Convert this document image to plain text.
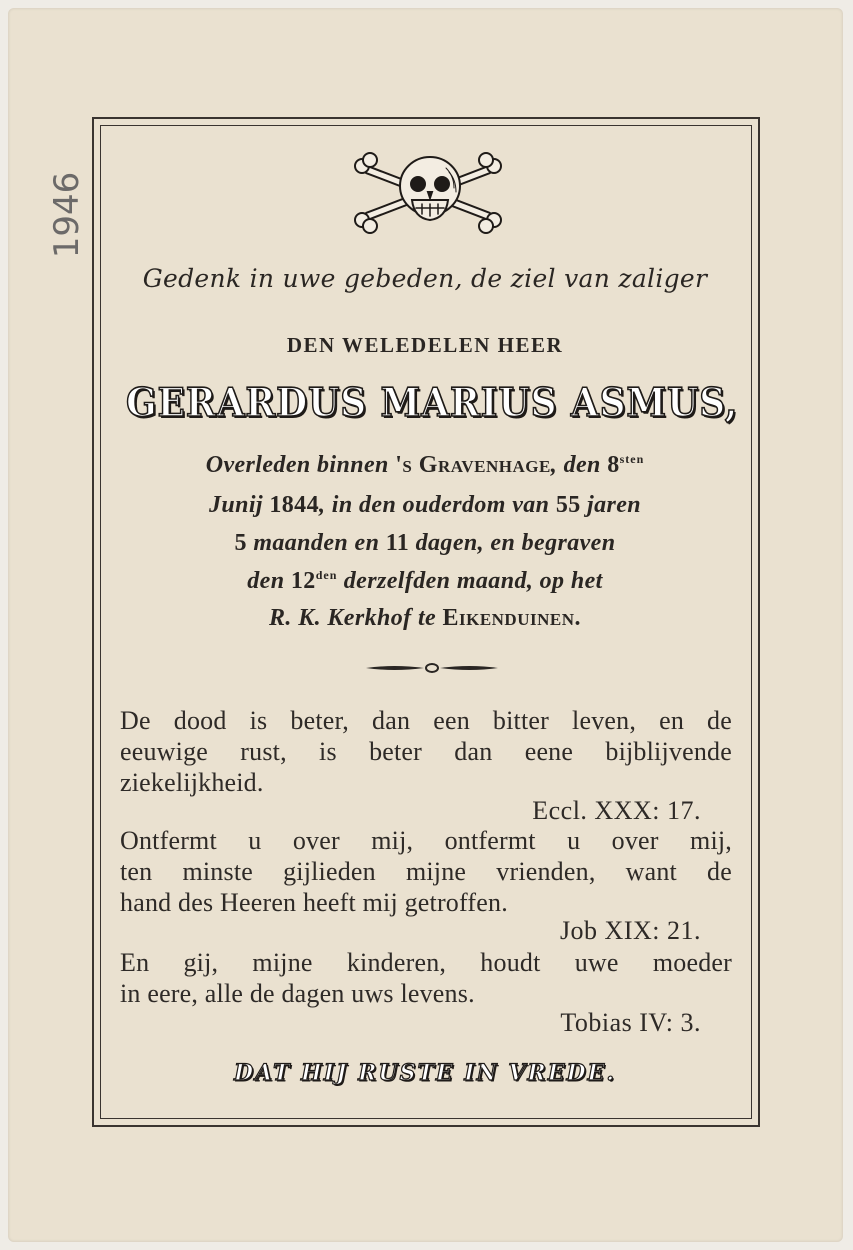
1946
Gedenk in uwe gebeden, de ziel van zaliger
DEN WELEDELEN HEER
GERARDUS MARIUS ASMUS,
Overleden binnen 's Gravenhage, den $8^{sten}$
Junij 1844, in den ouderdom van 55 jaren
5 maanden en 11 dagen, en begraven
den $12^{den}$ derzelfden maand, op het
R. K. Kerkhof te Eikenduinen.
De dood is beter, dan een bitter leven, en de
eeuwige rust, is beter dan eene bijblijvende
ziekelijkheid.
Eccl. XXX: 17.
Ontfermt u over mij, ontfermt u over mij,
ten minste gijlieden mijne vrienden, want de
hand des Heeren heeft mij getroffen.
Job XIX: 21.
En gij, mijne kinderen, houdt uwe moeder
in eere, alle de dagen uws levens.
Tobias IV: 3.
DAT HIJ RUSTE IN VREDE.
